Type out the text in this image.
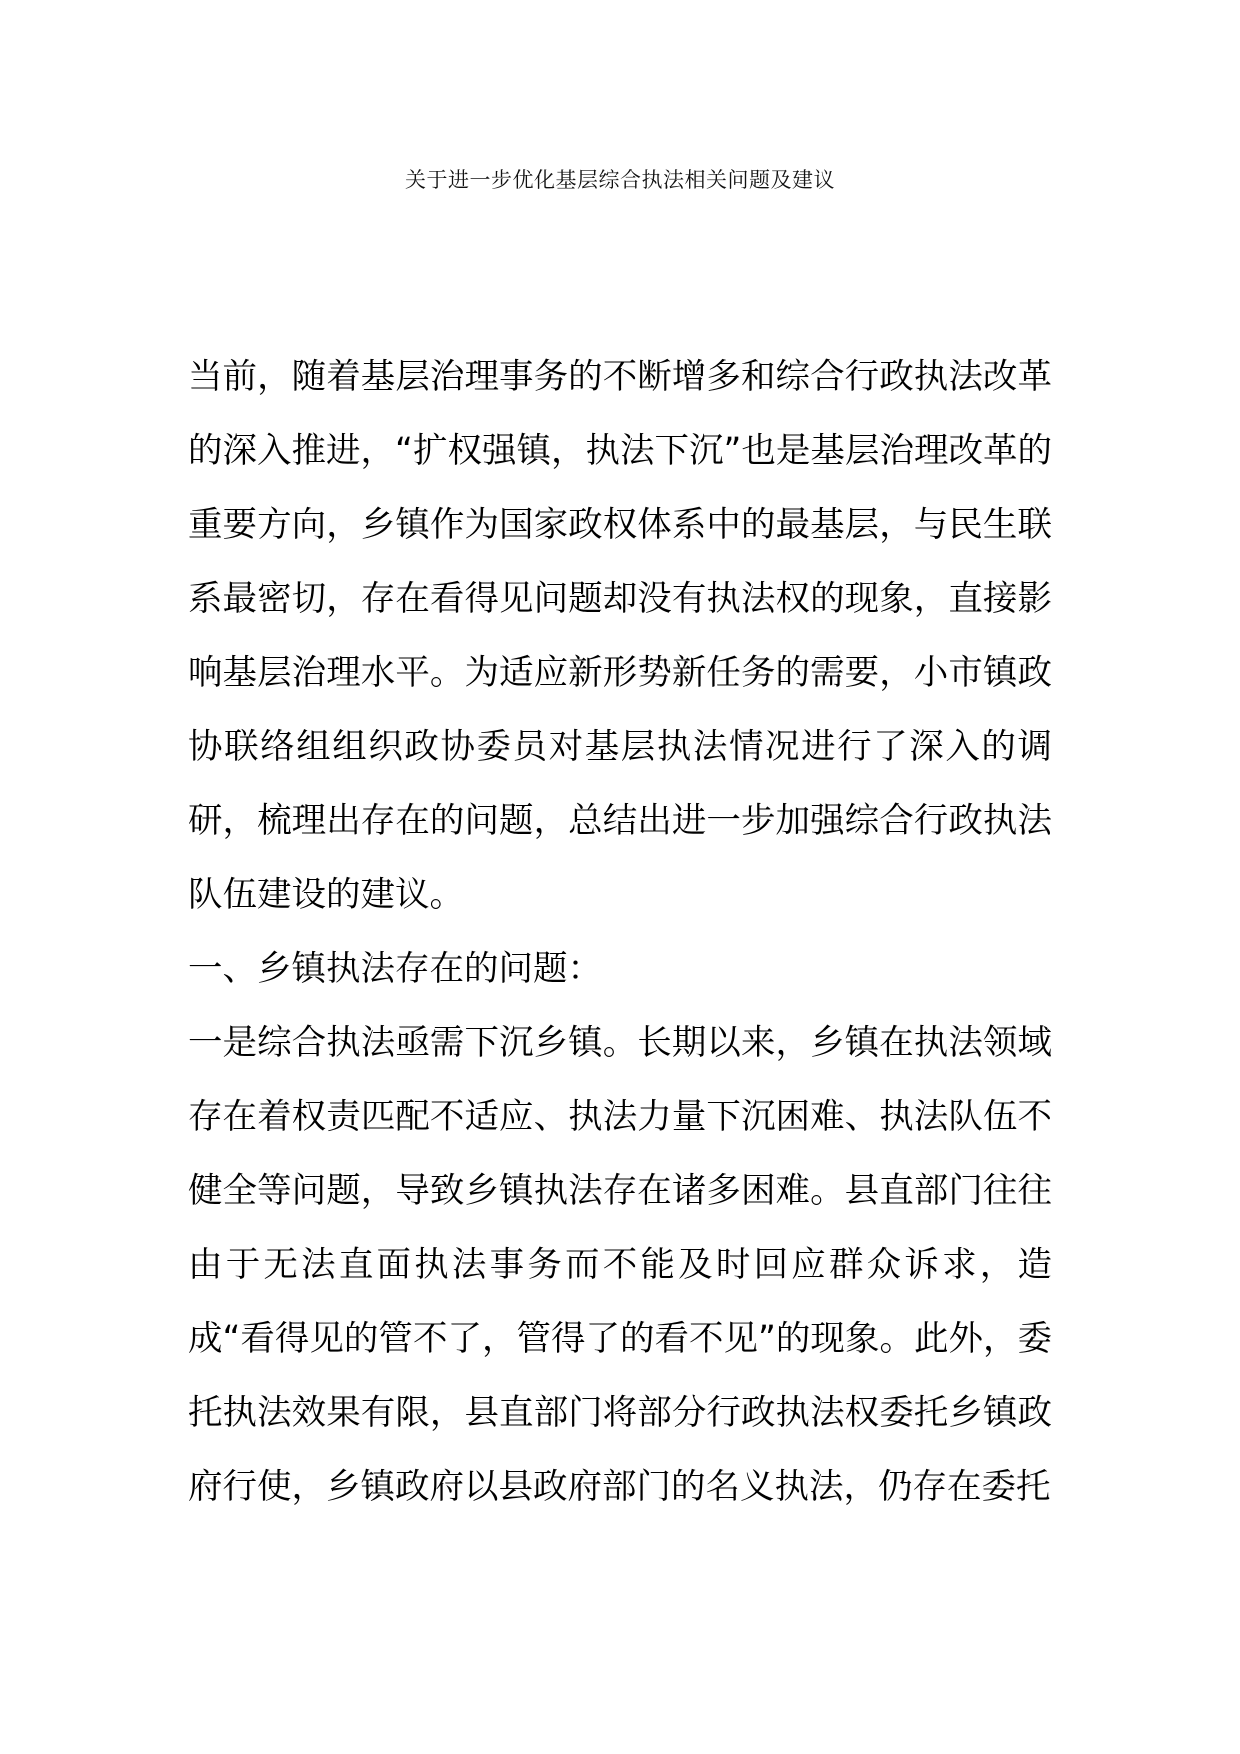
关于进一步优化基层综合执法相关问题及建议

当前，随着基层治理事务的不断增多和综合行政执法改革的深入推进，“扩权强镇，执法下沉”也是基层治理改革的重要方向，乡镇作为国家政权体系中的最基层，与民生联系最密切，存在看得见问题却没有执法权的现象，直接影响基层治理水平。为适应新形势新任务的需要，小市镇政协联络组组织政协委员对基层执法情况进行了深入的调研，梳理出存在的问题，总结出进一步加强综合行政执法队伍建设的建议。

一、乡镇执法存在的问题：

一是综合执法亟需下沉乡镇。长期以来，乡镇在执法领域存在着权责匹配不适应、执法力量下沉困难、执法队伍不健全等问题，导致乡镇执法存在诸多困难。县直部门往往由于无法直面执法事务而不能及时回应群众诉求，造成“看得见的管不了，管得了的看不见”的现象。此外，委托执法效果有限，县直部门将部分行政执法权委托乡镇政府行使，乡镇政府以县政府部门的名义执法，仍存在委托
